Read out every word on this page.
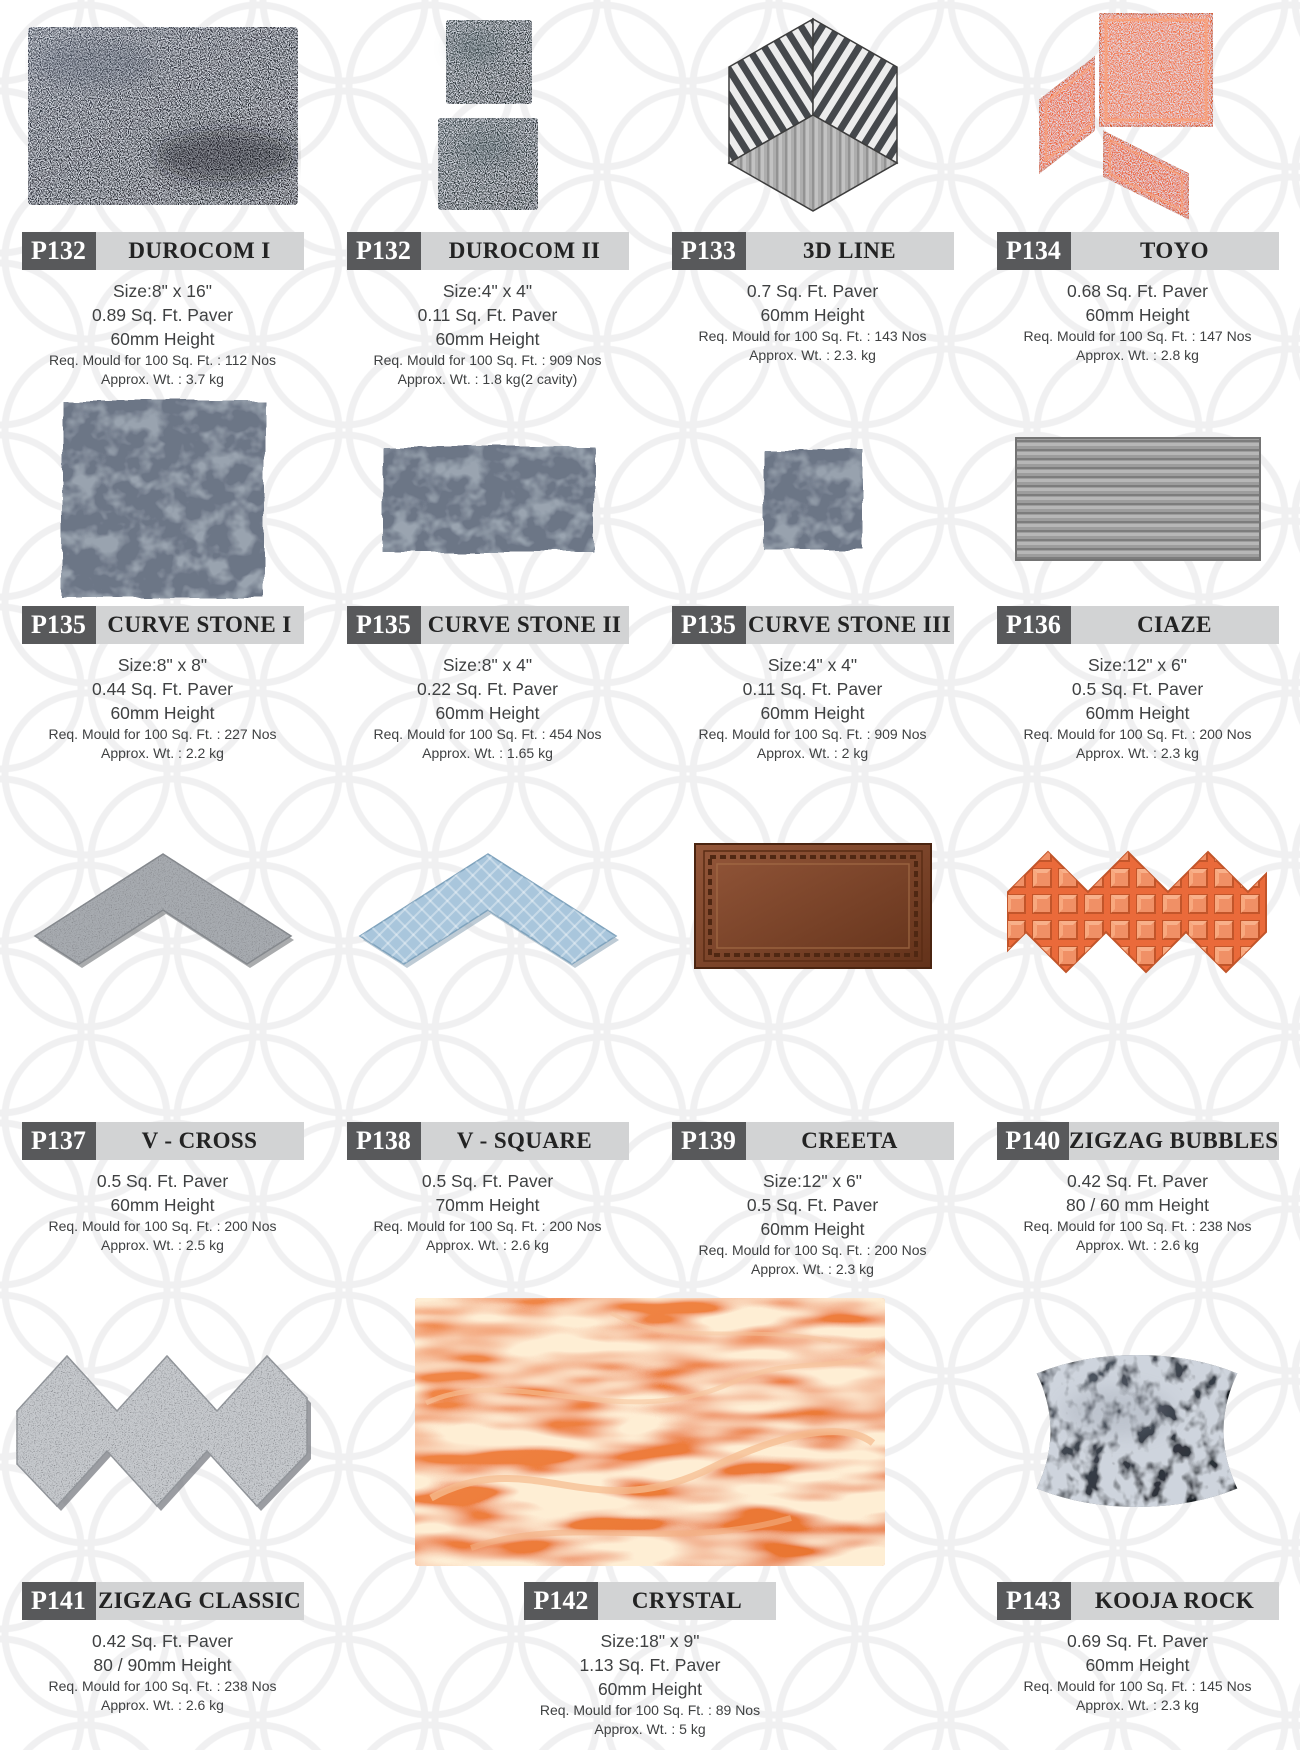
P132	DUROCOM I
Size:8" x 16"
0.89 Sq. Ft. Paver
60mm Height
Req. Mould for 100 Sq. Ft. : 112 Nos
Approx. Wt. : 3.7 kg
P132	DUROCOM II
Size:4" x 4"
0.11 Sq. Ft. Paver
60mm Height
Req. Mould for 100 Sq. Ft. : 909 Nos
Approx. Wt. : 1.8 kg(2 cavity)
P133	3D LINE
0.7 Sq. Ft. Paver
60mm Height
Req. Mould for 100 Sq. Ft. : 143 Nos
Approx. Wt. : 2.3. kg
P134	TOYO
0.68 Sq. Ft. Paver
60mm Height
Req. Mould for 100 Sq. Ft. : 147 Nos
Approx. Wt. : 2.8 kg
P135 CURVE STONE I
Size:8" x 8"
0.44 Sq. Ft. Paver
60mm Height
Req. Mould for 100 Sq. Ft. : 227 Nos
Approx. Wt. : 2.2 kg
P135 CURVE STONE II
Size:8" x 4"
0.22 Sq. Ft. Paver
60mm Height
Req. Mould for 100 Sq. Ft. : 454 Nos
Approx. Wt. : 1.65 kg
P135 CURVE STONE III
Size:4" x 4"
0.11 Sq. Ft. Paver
60mm Height
Req. Mould for 100 Sq. Ft. : 909 Nos
Approx. Wt. : 2 kg
P136	CIAZE
Size:12" x 6"
0.5 Sq. Ft. Paver
60mm Height
Req. Mould for 100 Sq. Ft. : 200 Nos
Approx. Wt. : 2.3 kg
P137	V - CROSS
0.5 Sq. Ft. Paver
60mm Height
Req. Mould for 100 Sq. Ft. : 200 Nos
Approx. Wt. : 2.5 kg
P138	V - SQUARE
0.5 Sq. Ft. Paver
70mm Height
Req. Mould for 100 Sq. Ft. : 200 Nos
Approx. Wt. : 2.6 kg
P139	CREETA
Size:12" x 6"
0.5 Sq. Ft. Paver
60mm Height
Req. Mould for 100 Sq. Ft. : 200 Nos
Approx. Wt. : 2.3 kg
P140 ZIGZAG BUBBLES
0.42 Sq. Ft. Paver
80 / 60 mm Height
Req. Mould for 100 Sq. Ft. : 238 Nos
Approx. Wt. : 2.6 kg
P141 ZIGZAG CLASSIC
0.42 Sq. Ft. Paver
80 / 90mm Height
Req. Mould for 100 Sq. Ft. : 238 Nos
Approx. Wt. : 2.6 kg
P142	CRYSTAL
Size:18" x 9"
1.13 Sq. Ft. Paver
60mm Height
Req. Mould for 100 Sq. Ft. : 89 Nos
Approx. Wt. : 5 kg
P143	KOOJA ROCK
0.69 Sq. Ft. Paver
60mm Height
Req. Mould for 100 Sq. Ft. : 145 Nos
Approx. Wt. : 2.3 kg
